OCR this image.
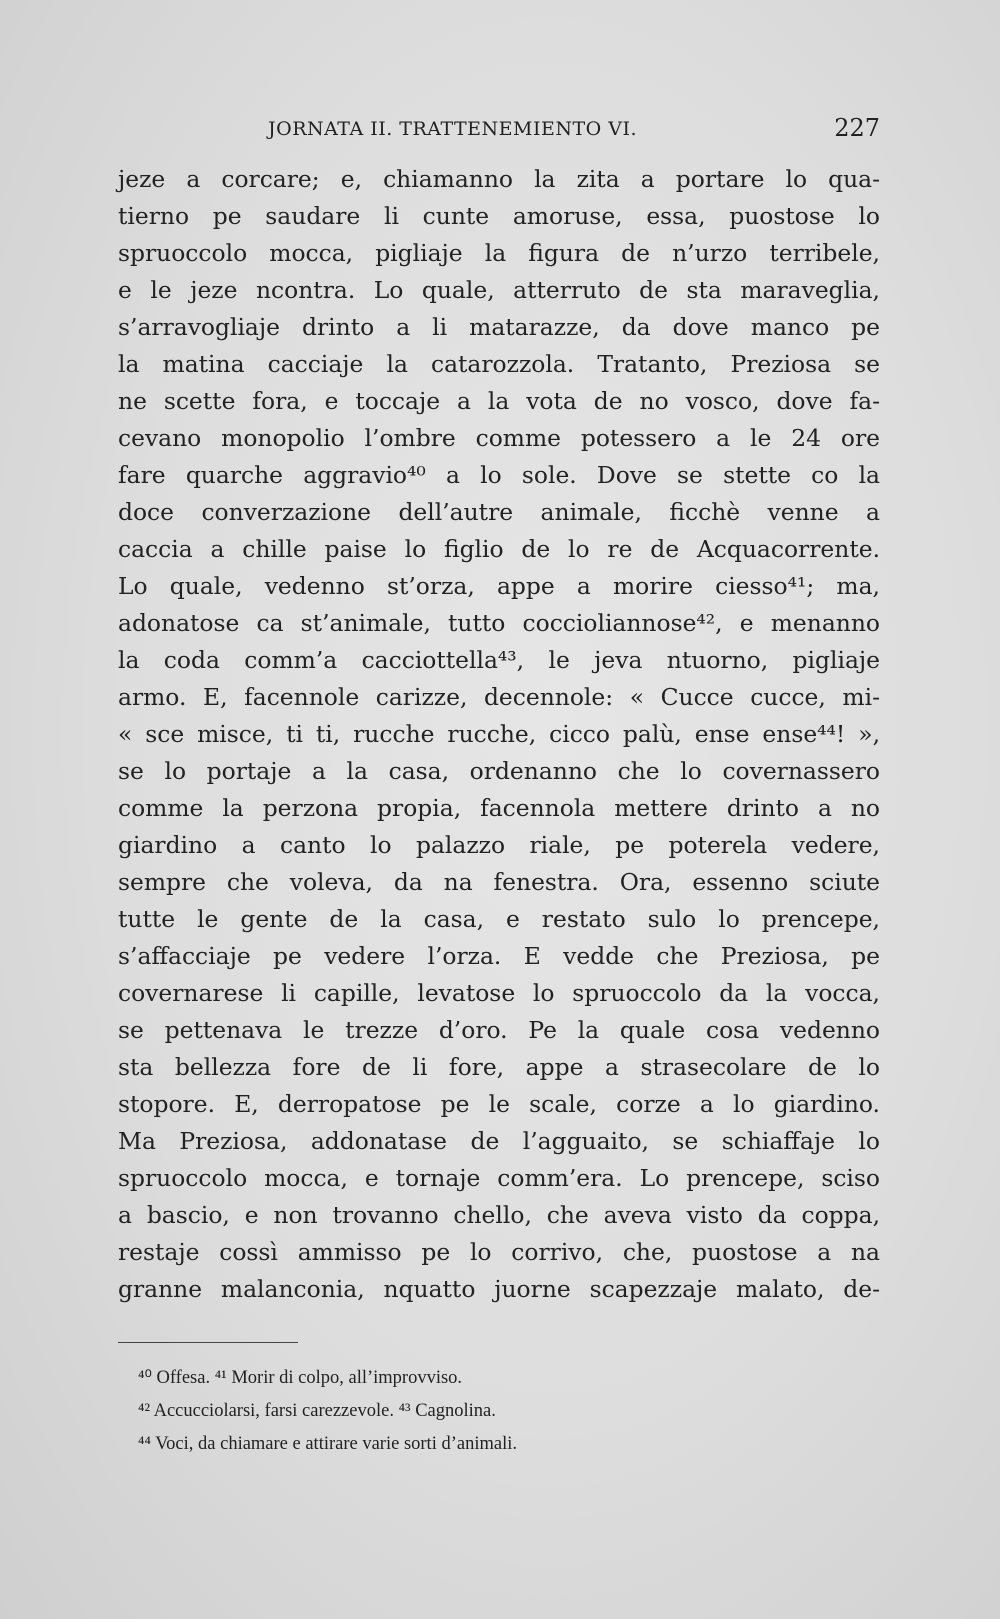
JORNATA II. TRATTENEMIENTO VI.	227
jeze a corcare; e, chiamanno la zita a portare lo qua-
tierno pe saudare li cunte amoruse, essa, puostose lo
spruoccolo mocca, pigliaje la figura de n’urzo terribele,
e le jeze ncontra. Lo quale, atterruto de sta maraveglia,
s’arravogliaje drinto a li matarazze, da dove manco pe
la matina cacciaje la catarozzola. Tratanto, Preziosa se
ne scette fora, e toccaje a la vota de no vosco, dove fa-
cevano monopolio l’ombre comme potessero a le 24 ore
fare quarche aggravio⁴⁰ a lo sole. Dove se stette co la
doce converzazione dell’autre animale, ficchè venne a
caccia a chille paise lo figlio de lo re de Acquacorrente.
Lo quale, vedenno st’orza, appe a morire ciesso⁴¹; ma,
adonatose ca st’animale, tutto coccioliannose⁴², e menanno
la coda comm’a cacciottella⁴³, le jeva ntuorno, pigliaje
armo. E, facennole carizze, decennole: « Cucce cucce, mi-
« sce misce, ti ti, rucche rucche, cicco palù, ense ense⁴⁴! »,
se lo portaje a la casa, ordenanno che lo covernassero
comme la perzona propia, facennola mettere drinto a no
giardino a canto lo palazzo riale, pe poterela vedere,
sempre che voleva, da na fenestra. Ora, essenno sciute
tutte le gente de la casa, e restato sulo lo prencepe,
s’affacciaje pe vedere l’orza. E vedde che Preziosa, pe
covernarese li capille, levatose lo spruoccolo da la vocca,
se pettenava le trezze d’oro. Pe la quale cosa vedenno
sta bellezza fore de li fore, appe a strasecolare de lo
stopore. E, derropatose pe le scale, corze a lo giardino.
Ma Preziosa, addonatase de l’agguaito, se schiaffaje lo
spruoccolo mocca, e tornaje comm’era. Lo prencepe, sciso
a bascio, e non trovanno chello, che aveva visto da coppa,
restaje cossì ammisso pe lo corrivo, che, puostose a na
granne malanconia, nquatto juorne scapezzaje malato, de-
⁴⁰ Offesa. ⁴¹ Morir di colpo, all’improvviso.
⁴² Accucciolarsi, farsi carezzevole. ⁴³ Cagnolina.
⁴⁴ Voci, da chiamare e attirare varie sorti d’animali.
